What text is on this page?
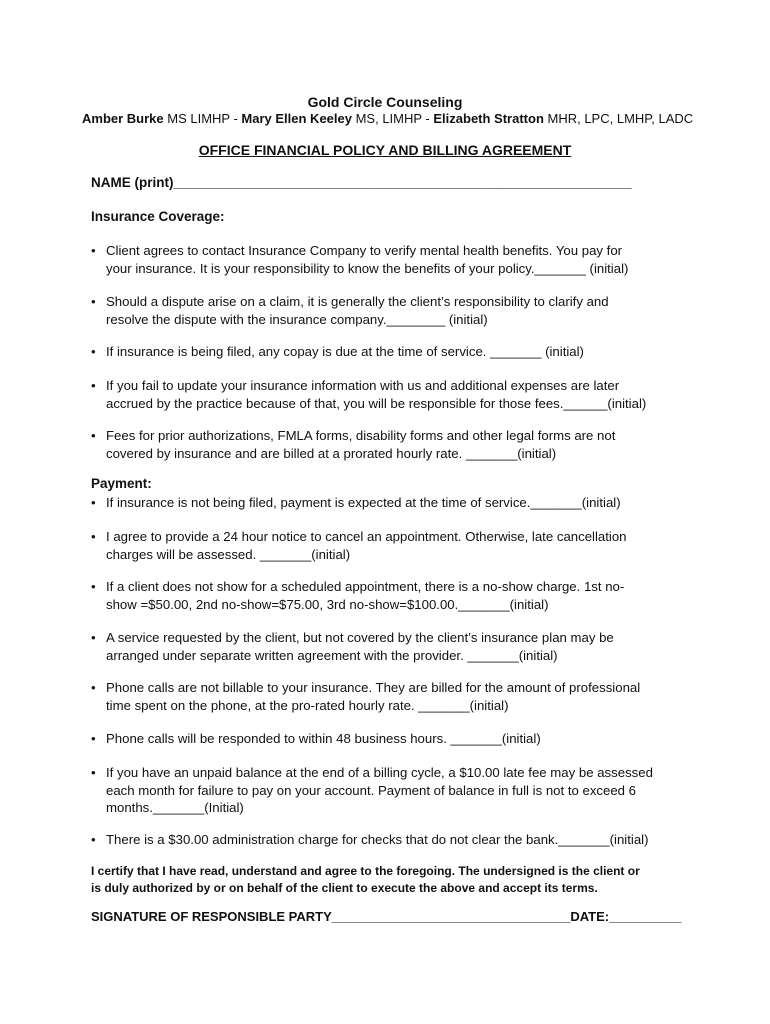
Gold Circle Counseling
Amber Burke MS LIMHP - Mary Ellen Keeley MS, LIMHP - Elizabeth Stratton MHR, LPC, LMHP, LADC
OFFICE FINANCIAL POLICY AND BILLING AGREEMENT
NAME (print)_____________________________________________________________
Insurance Coverage:
• Client agrees to contact Insurance Company to verify mental health benefits. You pay for
your insurance. It is your responsibility to know the benefits of your policy._______ (initial)
• Should a dispute arise on a claim, it is generally the client’s responsibility to clarify and
resolve the dispute with the insurance company.________ (initial)
• If insurance is being filed, any copay is due at the time of service. _______ (initial)
• If you fail to update your insurance information with us and additional expenses are later
accrued by the practice because of that, you will be responsible for those fees.______(initial)
• Fees for prior authorizations, FMLA forms, disability forms and other legal forms are not
covered by insurance and are billed at a prorated hourly rate. _______(initial)
Payment:
• If insurance is not being filed, payment is expected at the time of service._______(initial)
• I agree to provide a 24 hour notice to cancel an appointment. Otherwise, late cancellation
charges will be assessed. _______(initial)
• If a client does not show for a scheduled appointment, there is a no-show charge. 1st no-
show =$50.00, 2nd no-show=$75.00, 3rd no-show=$100.00._______(initial)
• A service requested by the client, but not covered by the client’s insurance plan may be
arranged under separate written agreement with the provider. _______(initial)
• Phone calls are not billable to your insurance. They are billed for the amount of professional
time spent on the phone, at the pro-rated hourly rate. _______(initial)
• Phone calls will be responded to within 48 business hours. _______(initial)
• If you have an unpaid balance at the end of a billing cycle, a $10.00 late fee may be assessed
each month for failure to pay on your account. Payment of balance in full is not to exceed 6
months._______(Initial)
• There is a $30.00 administration charge for checks that do not clear the bank._______(initial)
I certify that I have read, understand and agree to the foregoing. The undersigned is the client or
is duly authorized by or on behalf of the client to execute the above and accept its terms.
SIGNATURE OF RESPONSIBLE PARTY_________________________________DATE:__________
